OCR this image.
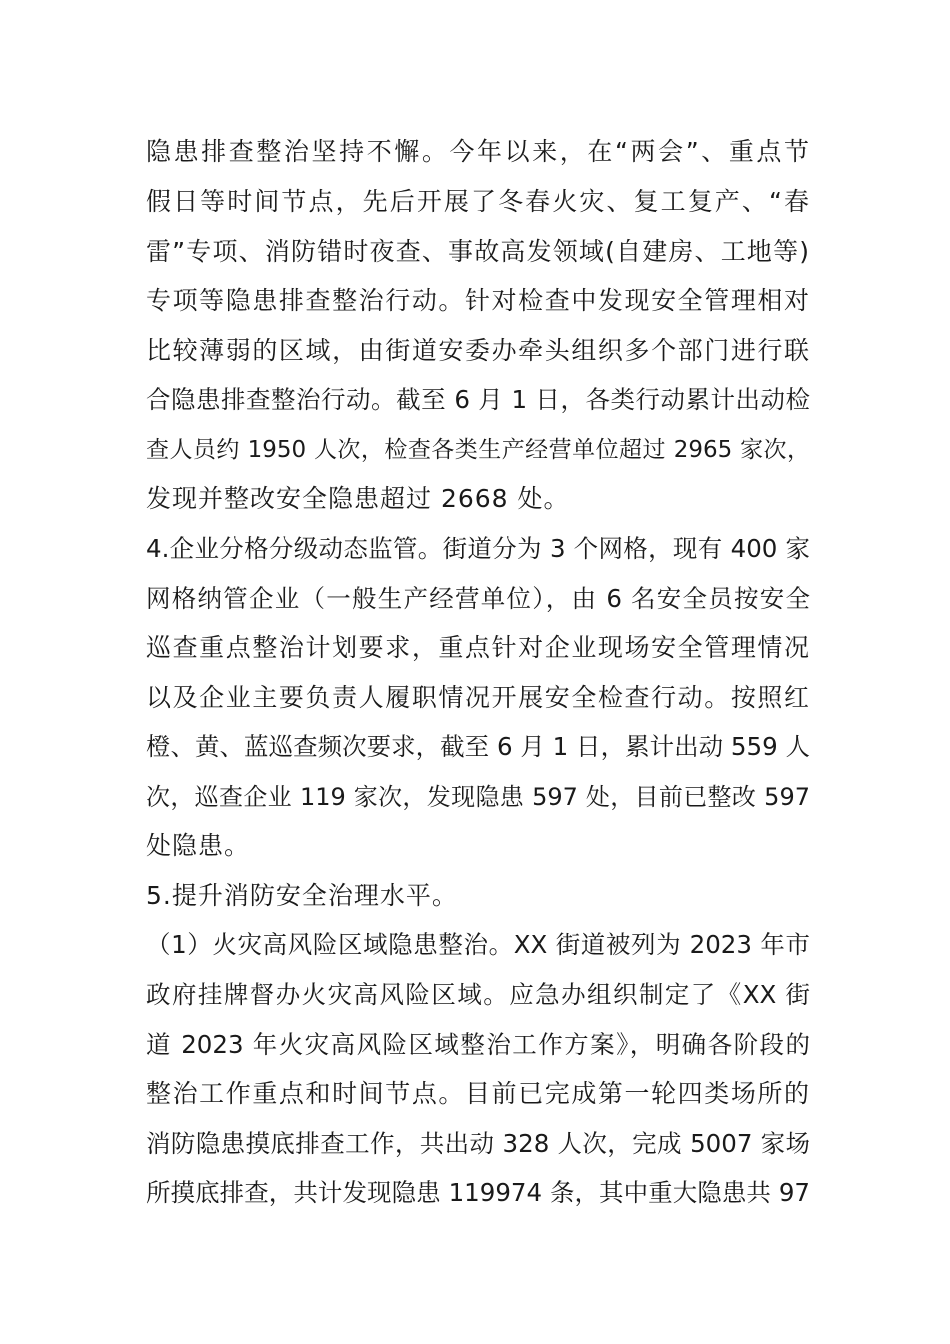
隐患排查整治坚持不懈。今年以来，在“两会”、重点节
假日等时间节点，先后开展了冬春火灾、复工复产、“春
雷”专项、消防错时夜查、事故高发领域(自建房、工地等)
专项等隐患排查整治行动。针对检查中发现安全管理相对
比较薄弱的区域，由街道安委办牵头组织多个部门进行联
合隐患排查整治行动。截至 6 月 1 日，各类行动累计出动检
查人员约 1950 人次，检查各类生产经营单位超过 2965 家次，
发现并整改安全隐患超过 2668 处。
4.企业分格分级动态监管。街道分为 3 个网格，现有 400 家
网格纳管企业（一般生产经营单位），由 6 名安全员按安全
巡查重点整治计划要求，重点针对企业现场安全管理情况
以及企业主要负责人履职情况开展安全检查行动。按照红
橙、黄、蓝巡查频次要求，截至 6 月 1 日，累计出动 559 人
次，巡查企业 119 家次，发现隐患 597 处，目前已整改 597
处隐患。
5.提升消防安全治理水平。
（1）火灾高风险区域隐患整治。XX 街道被列为 2023 年市
政府挂牌督办火灾高风险区域。应急办组织制定了《XX 街
道 2023 年火灾高风险区域整治工作方案》，明确各阶段的
整治工作重点和时间节点。目前已完成第一轮四类场所的
消防隐患摸底排查工作，共出动 328 人次，完成 5007 家场
所摸底排查，共计发现隐患 119974 条，其中重大隐患共 97
